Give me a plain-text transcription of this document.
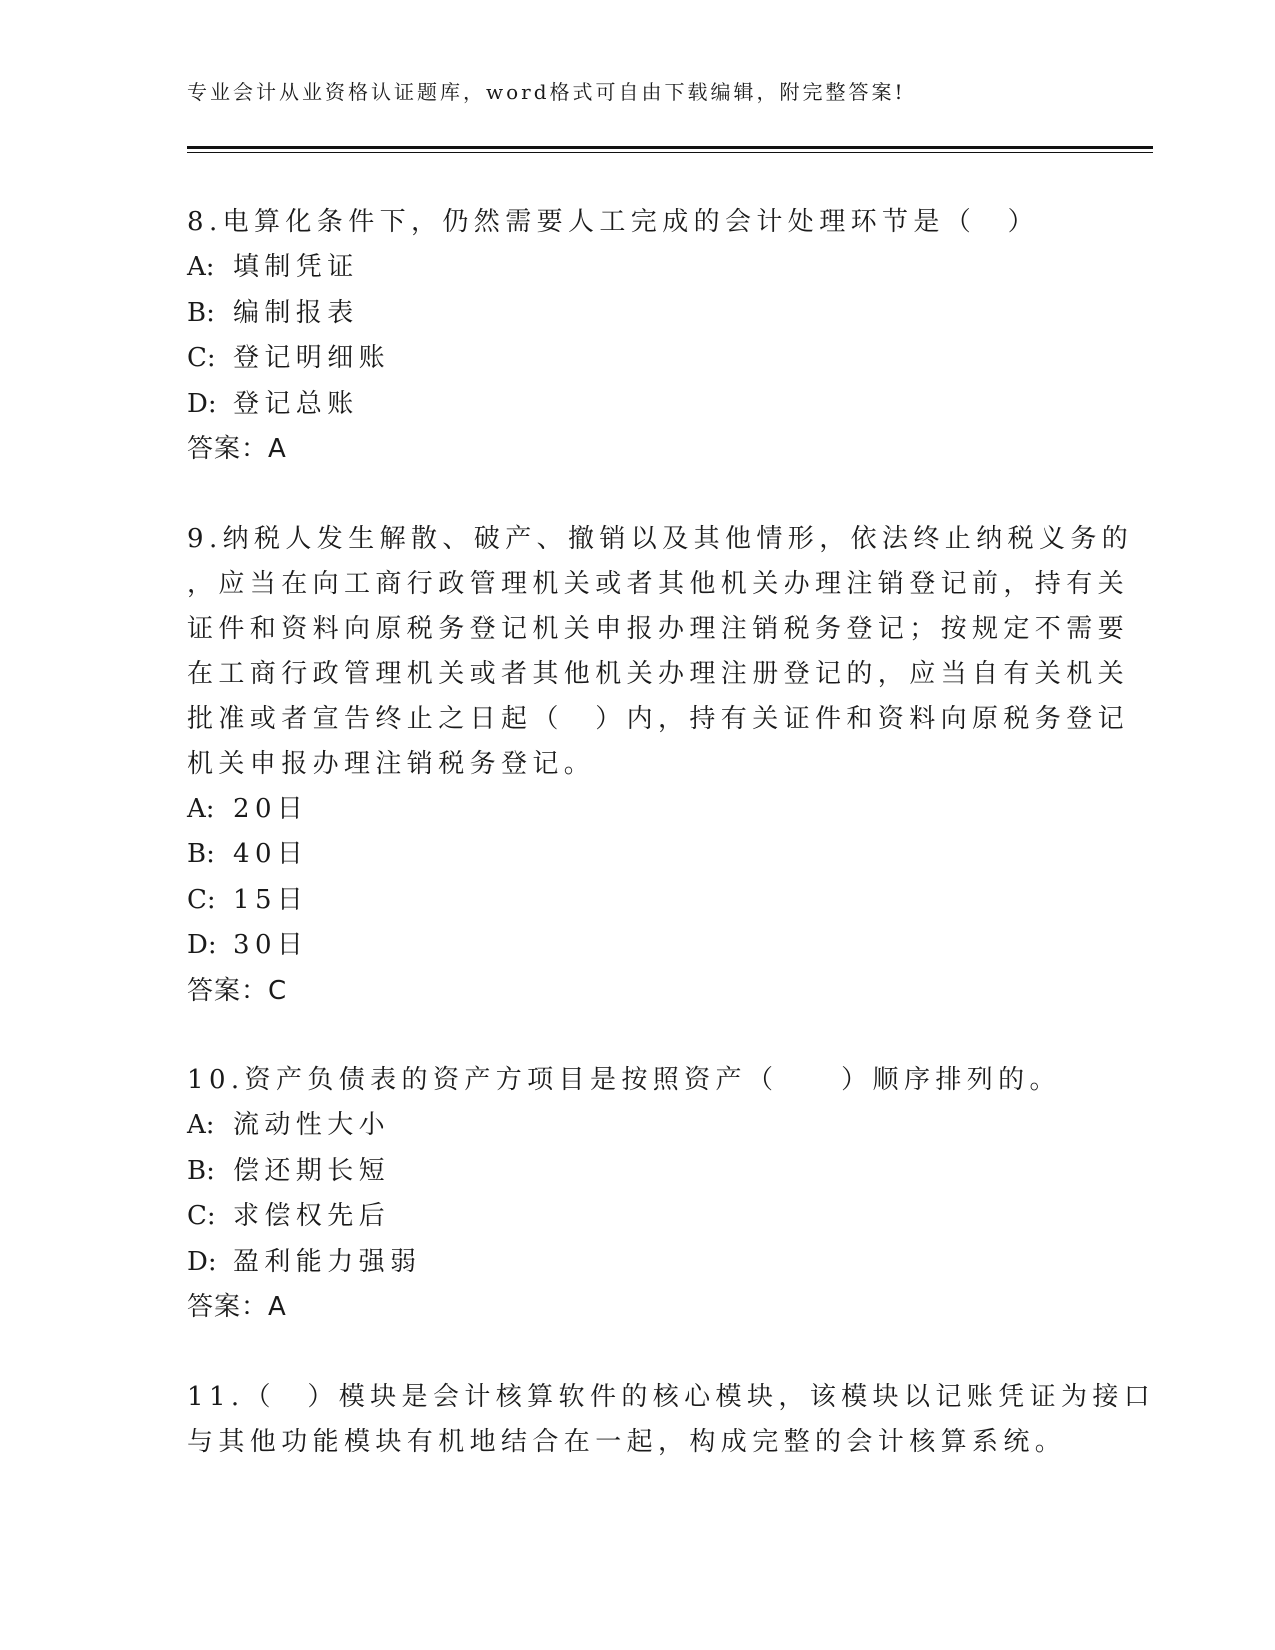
专业会计从业资格认证题库，word格式可自由下载编辑，附完整答案!
8.电算化条件下，仍然需要人工完成的会计处理环节是（　）
A: 填制凭证
B: 编制报表
C: 登记明细账
D: 登记总账
答案：A
9.纳税人发生解散、破产、撤销以及其他情形，依法终止纳税义务的
，应当在向工商行政管理机关或者其他机关办理注销登记前，持有关
证件和资料向原税务登记机关申报办理注销税务登记；按规定不需要
在工商行政管理机关或者其他机关办理注册登记的，应当自有关机关
批准或者宣告终止之日起（　）内，持有关证件和资料向原税务登记
机关申报办理注销税务登记。
A: 20日
B: 40日
C: 15日
D: 30日
答案：C
10.资产负债表的资产方项目是按照资产（　　）顺序排列的。
A: 流动性大小
B: 偿还期长短
C: 求偿权先后
D: 盈利能力强弱
答案：A
11.（　）模块是会计核算软件的核心模块，该模块以记账凭证为接口
与其他功能模块有机地结合在一起，构成完整的会计核算系统。
